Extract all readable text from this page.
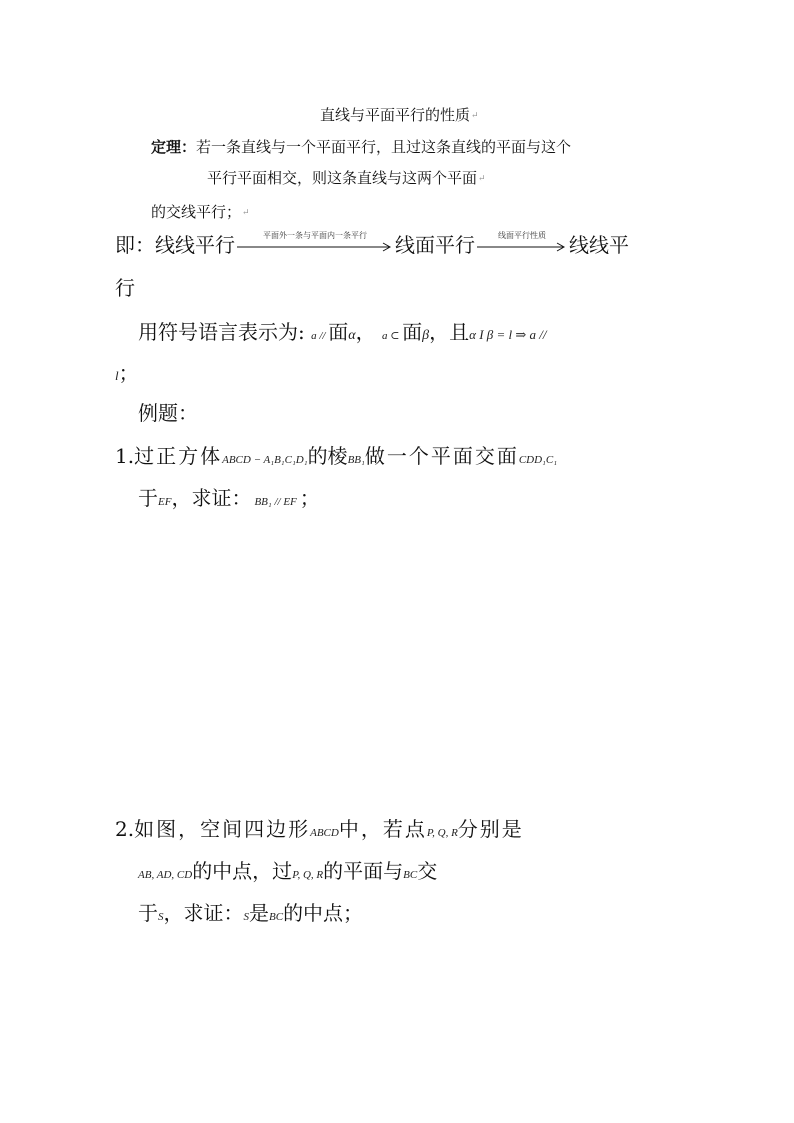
直线与平面平行的性质↵
定理：若一条直线与一个平面平行，且过这条直线的平面与这个
平行平面相交，则这条直线与这两个平面↵
的交线平行；↵
即：线线平行	平面外一条与平面内一条平行	线面平行	线面平行性质	线线平
行
用符号语言表示为: a // 面α， a ⊂ 面β，且α I β = l ⇒ a //
l；
例题：
1.过正方体ABCD − A₁B₁C₁D₁的棱BB₁做一个平面交面CDD₁C₁
于EF，求证： BB₁ // EF ；
2.如图，空间四边形ABCD中，若点P, Q, R分别是
AB, AD, CD的中点，过P, Q, R的平面与BC交
于S，求证：S是BC的中点；
